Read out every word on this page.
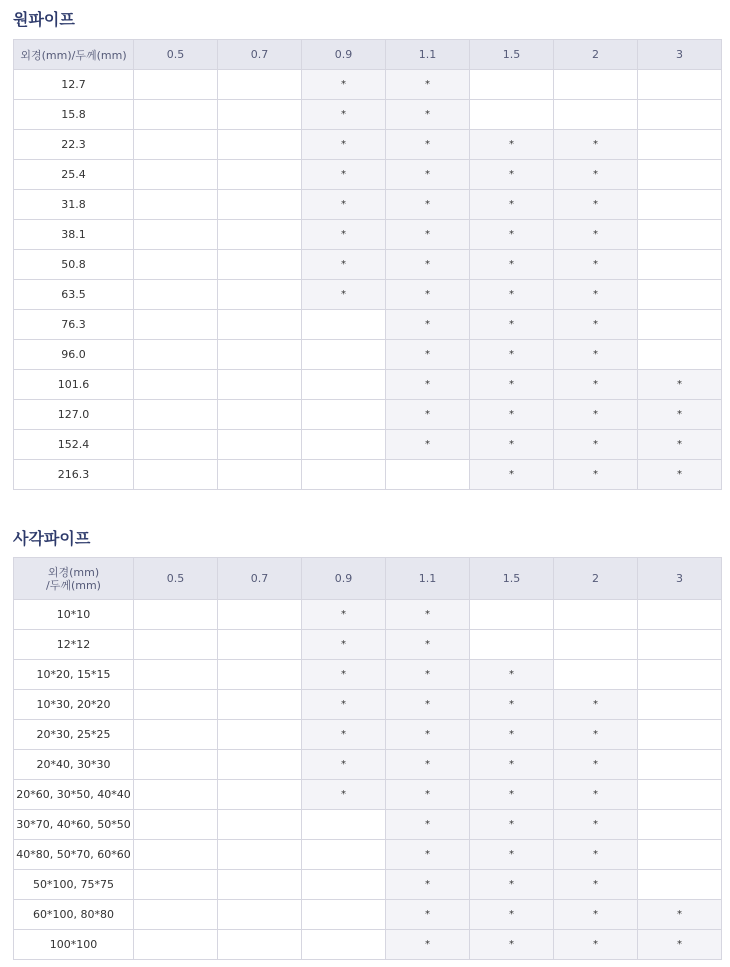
원파이프
외경(mm)/두께(mm)	0.5	0.7	0.9	1.1	1.5	2	3
12.7			*	*			
15.8			*	*			
22.3			*	*	*	*	
25.4			*	*	*	*	
31.8			*	*	*	*	
38.1			*	*	*	*	
50.8			*	*	*	*	
63.5			*	*	*	*	
76.3				*	*	*	
96.0				*	*	*	
101.6				*	*	*	*
127.0				*	*	*	*
152.4				*	*	*	*
216.3					*	*	*
사각파이프
외경(mm)
/두께(mm)	0.5	0.7	0.9	1.1	1.5	2	3
10*10			*	*			
12*12			*	*			
10*20, 15*15			*	*	*		
10*30, 20*20			*	*	*	*	
20*30, 25*25			*	*	*	*	
20*40, 30*30			*	*	*	*	
20*60, 30*50, 40*40			*	*	*	*	
30*70, 40*60, 50*50				*	*	*	
40*80, 50*70, 60*60				*	*	*	
50*100, 75*75				*	*	*	
60*100, 80*80				*	*	*	*
100*100				*	*	*	*
